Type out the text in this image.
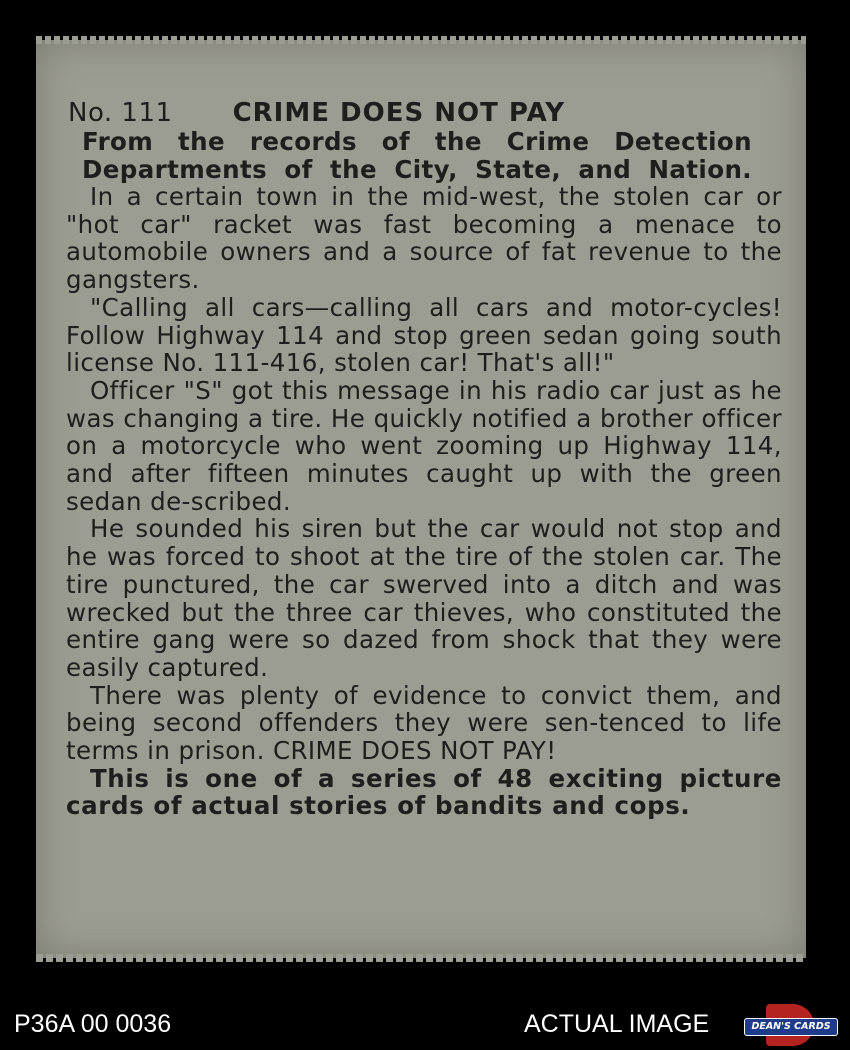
No. 111 CRIME DOES NOT PAY
From the records of the Crime Detection Departments of the City, State, and Nation.
In a certain town in the mid-west, the stolen car or "hot car" racket was fast becoming a menace to automobile owners and a source of fat revenue to the gangsters.
"Calling all cars—calling all cars and motor-cycles! Follow Highway 114 and stop green sedan going south license No. 111-416, stolen car! That's all!"
Officer "S" got this message in his radio car just as he was changing a tire. He quickly notified a brother officer on a motorcycle who went zooming up Highway 114, and after fifteen minutes caught up with the green sedan de-scribed.
He sounded his siren but the car would not stop and he was forced to shoot at the tire of the stolen car. The tire punctured, the car swerved into a ditch and was wrecked but the three car thieves, who constituted the entire gang were so dazed from shock that they were easily captured.
There was plenty of evidence to convict them, and being second offenders they were sen-tenced to life terms in prison. CRIME DOES NOT PAY!
This is one of a series of 48 exciting picture cards of actual stories of bandits and cops.
P36A 00 0036	ACTUAL IMAGE	DEAN'S CARDS
